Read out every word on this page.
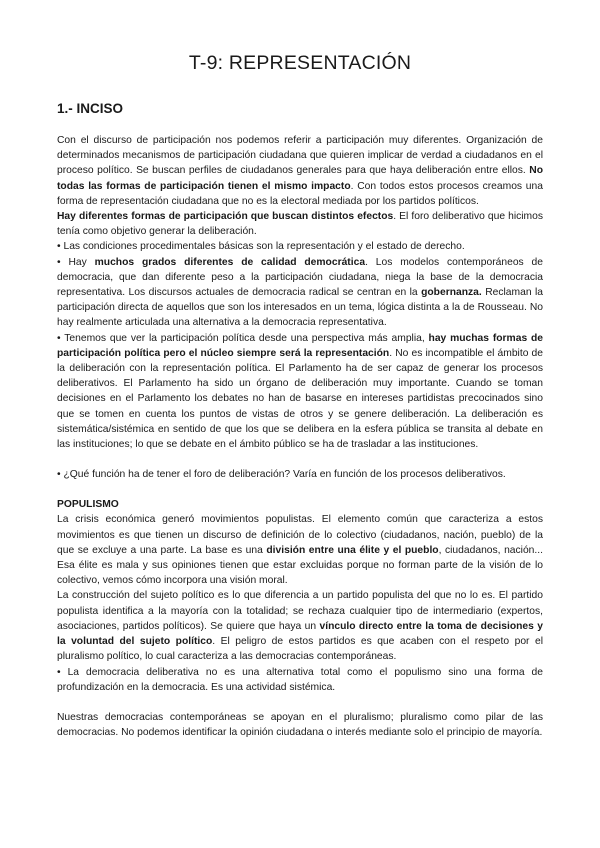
T-9: REPRESENTACIÓN
1.- INCISO

Con el discurso de participación nos podemos referir a participación muy diferentes. Organización de determinados mecanismos de participación ciudadana que quieren implicar de verdad a ciudadanos en el proceso político. Se buscan perfiles de ciudadanos generales para que haya deliberación entre ellos. No todas las formas de participación tienen el mismo impacto. Con todos estos procesos creamos una forma de representación ciudadana que no es la electoral mediada por los partidos políticos.

Hay diferentes formas de participación que buscan distintos efectos. El foro deliberativo que hicimos tenía como objetivo generar la deliberación.

• Las condiciones procedimentales básicas son la representación y el estado de derecho.

• Hay muchos grados diferentes de calidad democrática. Los modelos contemporáneos de democracia, que dan diferente peso a la participación ciudadana, niega la base de la democracia representativa. Los discursos actuales de democracia radical se centran en la gobernanza. Reclaman la participación directa de aquellos que son los interesados en un tema, lógica distinta a la de Rousseau. No hay realmente articulada una alternativa a la democracia representativa.

• Tenemos que ver la participación política desde una perspectiva más amplia, hay muchas formas de participación política pero el núcleo siempre será la representación. No es incompatible el ámbito de la deliberación con la representación política. El Parlamento ha de ser capaz de generar los procesos deliberativos. El Parlamento ha sido un órgano de deliberación muy importante. Cuando se toman decisiones en el Parlamento los debates no han de basarse en intereses partidistas precocinados sino que se tomen en cuenta los puntos de vistas de otros y se genere deliberación. La deliberación es sistemática/sistémica en sentido de que los que se delibera en la esfera pública se transita al debate en las instituciones; lo que se debate en el ámbito público se ha de trasladar a las instituciones.

• ¿Qué función ha de tener el foro de deliberación? Varía en función de los procesos deliberativos.

POPULISMO

La crisis económica generó movimientos populistas. El elemento común que caracteriza a estos movimientos es que tienen un discurso de definición de lo colectivo (ciudadanos, nación, pueblo) de la que se excluye a una parte. La base es una división entre una élite y el pueblo, ciudadanos, nación... Esa élite es mala y sus opiniones tienen que estar excluidas porque no forman parte de la visión de lo colectivo, vemos cómo incorpora una visión moral.

La construcción del sujeto político es lo que diferencia a un partido populista del que no lo es. El partido populista identifica a la mayoría con la totalidad; se rechaza cualquier tipo de intermediario (expertos, asociaciones, partidos políticos). Se quiere que haya un vínculo directo entre la toma de decisiones y la voluntad del sujeto político. El peligro de estos partidos es que acaben con el respeto por el pluralismo político, lo cual caracteriza a las democracias contemporáneas.

• La democracia deliberativa no es una alternativa total como el populismo sino una forma de profundización en la democracia. Es una actividad sistémica.

Nuestras democracias contemporáneas se apoyan en el pluralismo; pluralismo como pilar de las democracias. No podemos identificar la opinión ciudadana o interés mediante solo el principio de mayoría.
